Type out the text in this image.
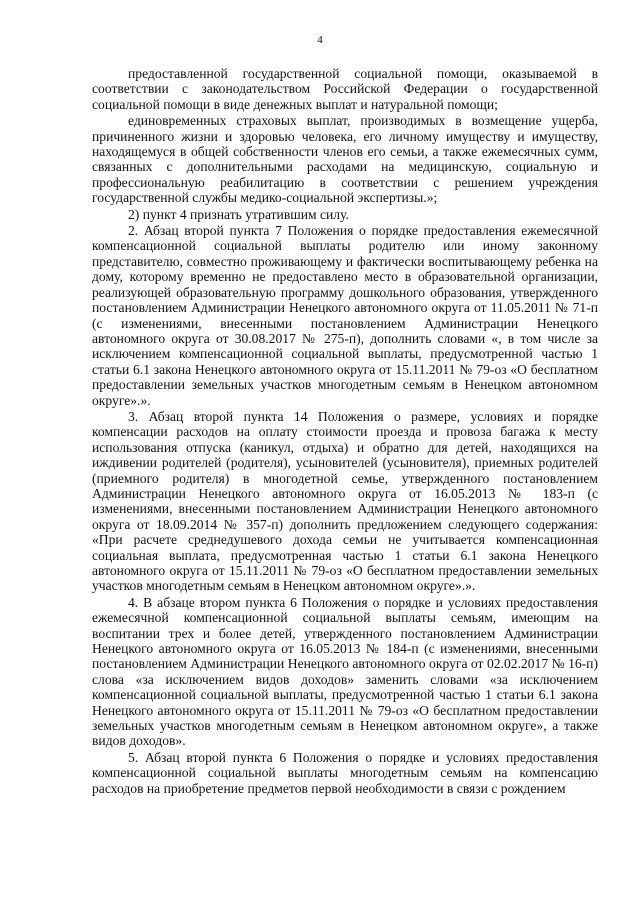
4

предоставленной государственной социальной помощи, оказываемой в соответствии с законодательством Российской Федерации о государственной социальной помощи в виде денежных выплат и натуральной помощи;

единовременных страховых выплат, производимых в возмещение ущерба, причиненного жизни и здоровью человека, его личному имуществу и имуществу, находящемуся в общей собственности членов его семьи, а также ежемесячных сумм, связанных с дополнительными расходами на медицинскую, социальную и профессиональную реабилитацию в соответствии с решением учреждения государственной службы медико-социальной экспертизы.»;

2) пункт 4 признать утратившим силу.

2. Абзац второй пункта 7 Положения о порядке предоставления ежемесячной компенсационной социальной выплаты родителю или иному законному представителю, совместно проживающему и фактически воспитывающему ребенка на дому, которому временно не предоставлено место в образовательной организации, реализующей образовательную программу дошкольного образования, утвержденного постановлением Администрации Ненецкого автономного округа от 11.05.2011 № 71-п (с изменениями, внесенными постановлением Администрации Ненецкого автономного округа от 30.08.2017 № 275-п), дополнить словами «, в том числе за исключением компенсационной социальной выплаты, предусмотренной частью 1 статьи 6.1 закона Ненецкого автономного округа от 15.11.2011 № 79-оз «О бесплатном предоставлении земельных участков многодетным семьям в Ненецком автономном округе».».

3. Абзац второй пункта 14 Положения о размере, условиях и порядке компенсации расходов на оплату стоимости проезда и провоза багажа к месту использования отпуска (каникул, отдыха) и обратно для детей, находящихся на иждивении родителей (родителя), усыновителей (усыновителя), приемных родителей (приемного родителя) в многодетной семье, утвержденного постановлением Администрации Ненецкого автономного округа от 16.05.2013 № 183-п (с изменениями, внесенными постановлением Администрации Ненецкого автономного округа от 18.09.2014 № 357-п) дополнить предложением следующего содержания: «При расчете среднедушевого дохода семьи не учитывается компенсационная социальная выплата, предусмотренная частью 1 статьи 6.1 закона Ненецкого автономного округа от 15.11.2011 № 79-оз «О бесплатном предоставлении земельных участков многодетным семьям в Ненецком автономном округе».».

4. В абзаце втором пункта 6 Положения о порядке и условиях предоставления ежемесячной компенсационной социальной выплаты семьям, имеющим на воспитании трех и более детей, утвержденного постановлением Администрации Ненецкого автономного округа от 16.05.2013 № 184-п (с изменениями, внесенными постановлением Администрации Ненецкого автономного округа от 02.02.2017 № 16-п) слова «за исключением видов доходов» заменить словами «за исключением компенсационной социальной выплаты, предусмотренной частью 1 статьи 6.1 закона Ненецкого автономного округа от 15.11.2011 № 79-оз «О бесплатном предоставлении земельных участков многодетным семьям в Ненецком автономном округе», а также видов доходов».

5. Абзац второй пункта 6 Положения о порядке и условиях предоставления компенсационной социальной выплаты многодетным семьям на компенсацию расходов на приобретение предметов первой необходимости в связи с рождением
